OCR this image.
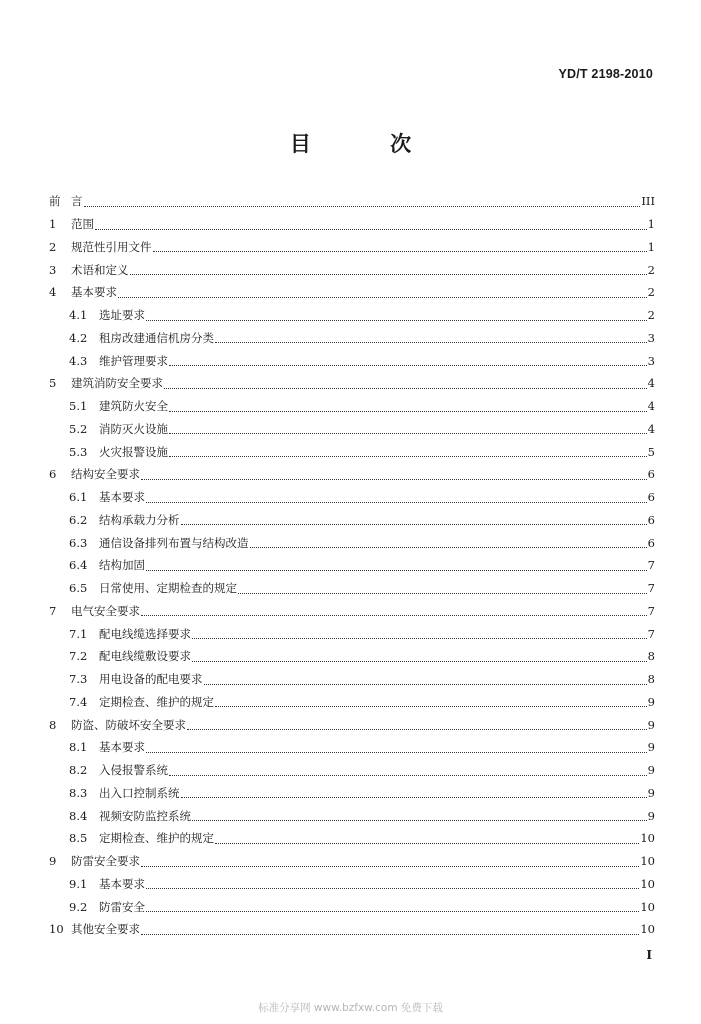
YD/T 2198-2010
目 次
前 言	III
1	范围	1
2	规范性引用文件	1
3	术语和定义	2
4	基本要求	2
4.1	选址要求	2
4.2	租房改建通信机房分类	3
4.3	维护管理要求	3
5	建筑消防安全要求	4
5.1	建筑防火安全	4
5.2	消防灭火设施	4
5.3	火灾报警设施	5
6	结构安全要求	6
6.1	基本要求	6
6.2	结构承载力分析	6
6.3	通信设备排列布置与结构改造	6
6.4	结构加固	7
6.5	日常使用、定期检查的规定	7
7	电气安全要求	7
7.1	配电线缆选择要求	7
7.2	配电线缆敷设要求	8
7.3	用电设备的配电要求	8
7.4	定期检查、维护的规定	9
8	防盗、防破坏安全要求	9
8.1	基本要求	9
8.2	入侵报警系统	9
8.3	出入口控制系统	9
8.4	视频安防监控系统	9
8.5	定期检查、维护的规定	10
9	防雷安全要求	10
9.1	基本要求	10
9.2	防雷安全	10
10 其他安全要求	10
I
标准分享网 www.bzfxw.com 免费下载
